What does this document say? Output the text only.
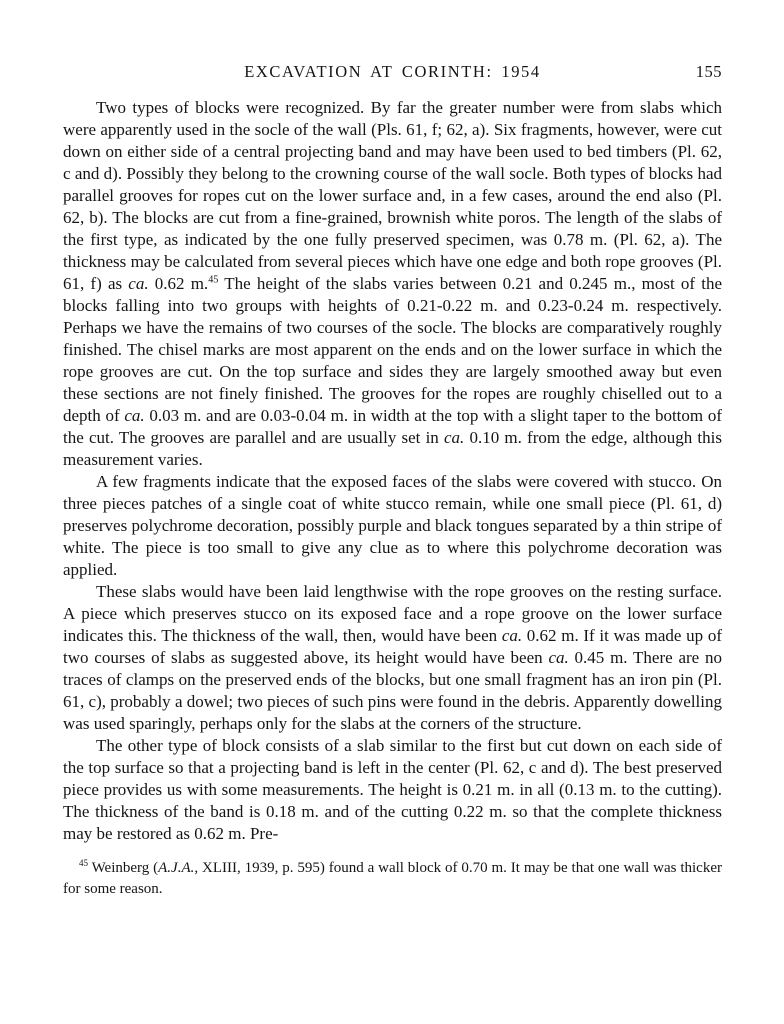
EXCAVATION AT CORINTH: 1954	155

Two types of blocks were recognized. By far the greater number were from slabs which were apparently used in the socle of the wall (Pls. 61, f; 62, a). Six fragments, however, were cut down on either side of a central projecting band and may have been used to bed timbers (Pl. 62, c and d). Possibly they belong to the crowning course of the wall socle. Both types of blocks had parallel grooves for ropes cut on the lower surface and, in a few cases, around the end also (Pl. 62, b). The blocks are cut from a fine-grained, brownish white poros. The length of the slabs of the first type, as indicated by the one fully preserved specimen, was 0.78 m. (Pl. 62, a). The thickness may be calculated from several pieces which have one edge and both rope grooves (Pl. 61, f) as ca. 0.62 m.$^{45}$ The height of the slabs varies between 0.21 and 0.245 m., most of the blocks falling into two groups with heights of 0.21-0.22 m. and 0.23-0.24 m. respectively. Perhaps we have the remains of two courses of the socle. The blocks are comparatively roughly finished. The chisel marks are most apparent on the ends and on the lower surface in which the rope grooves are cut. On the top surface and sides they are largely smoothed away but even these sections are not finely finished. The grooves for the ropes are roughly chiselled out to a depth of ca. 0.03 m. and are 0.03-0.04 m. in width at the top with a slight taper to the bottom of the cut. The grooves are parallel and are usually set in ca. 0.10 m. from the edge, although this measurement varies.

A few fragments indicate that the exposed faces of the slabs were covered with stucco. On three pieces patches of a single coat of white stucco remain, while one small piece (Pl. 61, d) preserves polychrome decoration, possibly purple and black tongues separated by a thin stripe of white. The piece is too small to give any clue as to where this polychrome decoration was applied.

These slabs would have been laid lengthwise with the rope grooves on the resting surface. A piece which preserves stucco on its exposed face and a rope groove on the lower surface indicates this. The thickness of the wall, then, would have been ca. 0.62 m. If it was made up of two courses of slabs as suggested above, its height would have been ca. 0.45 m. There are no traces of clamps on the preserved ends of the blocks, but one small fragment has an iron pin (Pl. 61, c), probably a dowel; two pieces of such pins were found in the debris. Apparently dowelling was used sparingly, perhaps only for the slabs at the corners of the structure.

The other type of block consists of a slab similar to the first but cut down on each side of the top surface so that a projecting band is left in the center (Pl. 62, c and d). The best preserved piece provides us with some measurements. The height is 0.21 m. in all (0.13 m. to the cutting). The thickness of the band is 0.18 m. and of the cutting 0.22 m. so that the complete thickness may be restored as 0.62 m. Pre-

$^{45}$ Weinberg (A.J.A., XLIII, 1939, p. 595) found a wall block of 0.70 m. It may be that one wall was thicker for some reason.
